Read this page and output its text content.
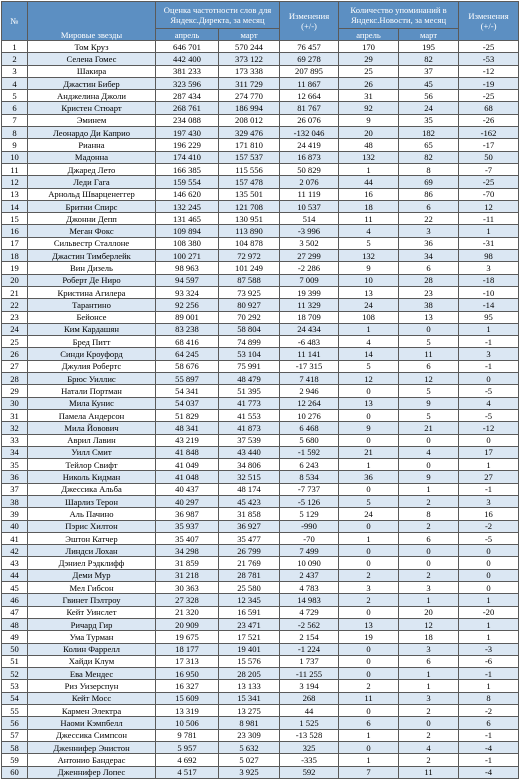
№	Мировые звезды	Оценка частотности слов для Яндекс.Директа, за месяц		Изменения (+/-)	Количество упоминаний в Яндекс.Новости, за месяц		Изменения (+/-)
		апрель	март		апрель	март	
1	Том Круз	646 701	570 244	76 457	170	195	-25
2	Селена Гомес	442 400	373 122	69 278	29	82	-53
3	Шакира	381 233	173 338	207 895	25	37	-12
4	Джастин Бибер	323 596	311 729	11 867	26	45	-19
5	Анджелина Джоли	287 434	274 770	12 664	31	56	-25
6	Кристен Стюарт	268 761	186 994	81 767	92	24	68
7	Эминем	234 088	208 012	26 076	9	35	-26
8	Леонардо Ди Каприо	197 430	329 476	-132 046	20	182	-162
9	Рианна	196 229	171 810	24 419	48	65	-17
10	Мадонна	174 410	157 537	16 873	132	82	50
11	Джаред Лето	166 385	115 556	50 829	1	8	-7
12	Леди Гага	159 554	157 478	2 076	44	69	-25
13	Арнольд Шварценеггер	146 620	135 501	11 119	16	86	-70
14	Бритни Спирс	132 245	121 708	10 537	18	6	12
15	Джонни Депп	131 465	130 951	514	11	22	-11
16	Меган Фокс	109 894	113 890	-3 996	4	3	1
17	Сильвестр Сталлоне	108 380	104 878	3 502	5	36	-31
18	Джастин Тимберлейк	100 271	72 972	27 299	132	34	98
19	Вин Дизель	98 963	101 249	-2 286	9	6	3
20	Роберт Де Ниро	94 597	87 588	7 009	10	28	-18
21	Кристина Агилера	93 324	73 925	19 399	13	23	-10
22	Тарантино	92 256	80 927	11 329	24	38	-14
23	Бейонсе	89 001	70 292	18 709	108	13	95
24	Ким Кардашян	83 238	58 804	24 434	1	0	1
25	Бред Питт	68 416	74 899	-6 483	4	5	-1
26	Синди Кроуфорд	64 245	53 104	11 141	14	11	3
27	Джулия Робертс	58 676	75 991	-17 315	5	6	-1
28	Брюс Уиллис	55 897	48 479	7 418	12	12	0
29	Натали Портман	54 341	51 395	2 946	0	5	-5
30	Мила Кунис	54 037	41 773	12 264	13	9	4
31	Памела Андерсон	51 829	41 553	10 276	0	5	-5
32	Мила Йовович	48 341	41 873	6 468	9	21	-12
33	Аврил Лавин	43 219	37 539	5 680	0	0	0
34	Уилл Смит	41 848	43 440	-1 592	21	4	17
35	Тейлор Свифт	41 049	34 806	6 243	1	0	1
36	Николь Кидман	41 048	32 515	8 534	36	9	27
37	Джессика Альба	40 437	48 174	-7 737	0	1	-1
38	Шарлиз Терон	40 297	45 423	-5 126	5	2	3
39	Аль Пачино	36 987	31 858	5 129	24	8	16
40	Пэрис Хилтон	35 937	36 927	-990	0	2	-2
41	Эштон Катчер	35 407	35 477	-70	1	6	-5
42	Линдси Лохан	34 298	26 799	7 499	0	0	0
43	Дэниел Рэдклифф	31 859	21 769	10 090	0	0	0
44	Деми Мур	31 218	28 781	2 437	2	2	0
45	Мел Гибсон	30 363	25 580	4 783	3	3	0
46	Гвинет Пэлтроу	27 328	12 345	14 983	2	1	1
47	Кейт Уинслет	21 320	16 591	4 729	0	20	-20
48	Ричард Гир	20 909	23 471	-2 562	13	12	1
49	Ума Турман	19 675	17 521	2 154	19	18	1
50	Колин Фаррелл	18 177	19 401	-1 224	0	3	-3
51	Хайди Клум	17 313	15 576	1 737	0	6	-6
52	Ева Мендес	16 950	28 205	-11 255	0	1	-1
53	Риз Уизерспун	16 327	13 133	3 194	2	1	1
54	Кейт Мосс	15 609	15 341	268	11	3	8
55	Кармен Электра	13 319	13 275	44	0	2	-2
56	Наоми Кэмпбелл	10 506	8 981	1 525	6	0	6
57	Джессика Симпсон	9 781	23 309	-13 528	1	2	-1
58	Дженнифер Энистон	5 957	5 632	325	0	4	-4
59	Антонио Бандерас	4 692	5 027	-335	1	2	-1
60	Дженнифер Лопес	4 517	3 925	592	7	11	-4
